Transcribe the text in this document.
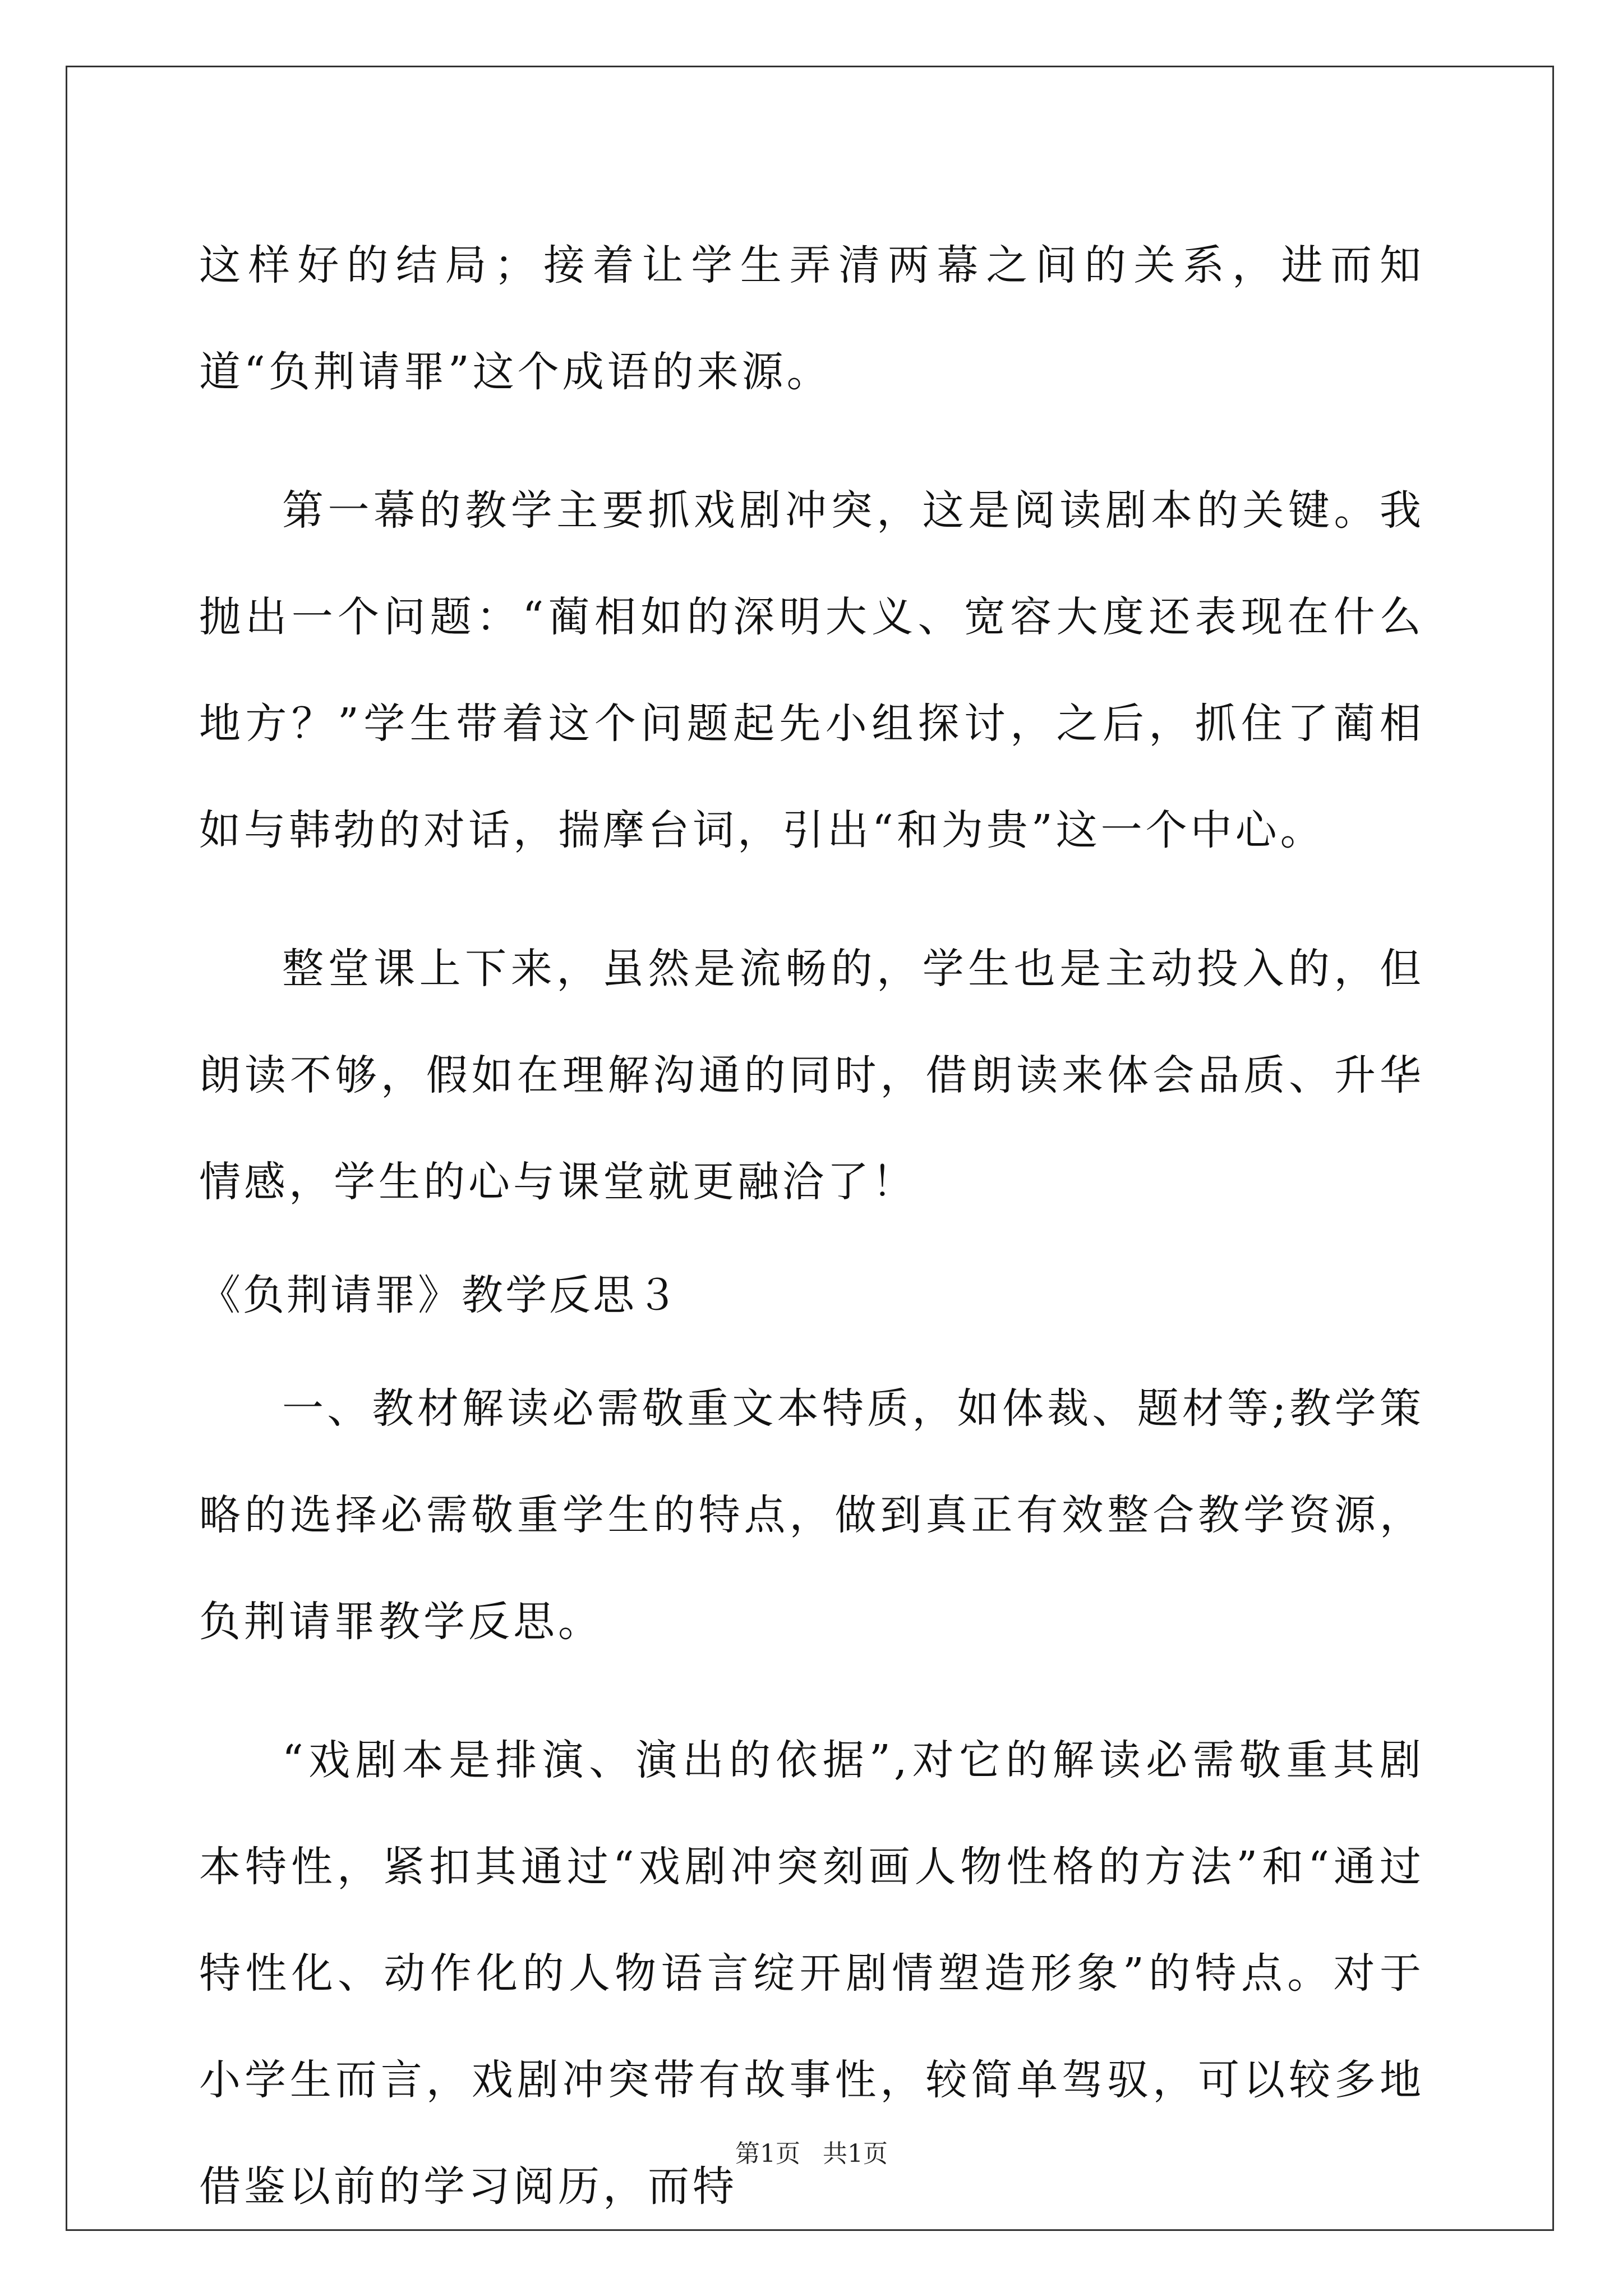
这样好的结局；接着让学生弄清两幕之间的关系，进而知道“负荆请罪”这个成语的来源。

第一幕的教学主要抓戏剧冲突，这是阅读剧本的关键。我抛出一个问题：“蔺相如的深明大义、宽容大度还表现在什么地方？”学生带着这个问题起先小组探讨，之后，抓住了蔺相如与韩勃的对话，揣摩台词，引出“和为贵”这一个中心。

整堂课上下来，虽然是流畅的，学生也是主动投入的，但朗读不够，假如在理解沟通的同时，借朗读来体会品质、升华情感，学生的心与课堂就更融洽了！

《负荆请罪》教学反思３

一、教材解读必需敬重文本特质，如体裁、题材等;教学策略的选择必需敬重学生的特点，做到真正有效整合教学资源，负荆请罪教学反思。

“戏剧本是排演、演出的依据”,对它的解读必需敬重其剧本特性，紧扣其通过“戏剧冲突刻画人物性格的方法”和“通过特性化、动作化的人物语言绽开剧情塑造形象”的特点。对于小学生而言，戏剧冲突带有故事性，较简单驾驭，可以较多地借鉴以前的学习阅历，而特

第1页 共1页
